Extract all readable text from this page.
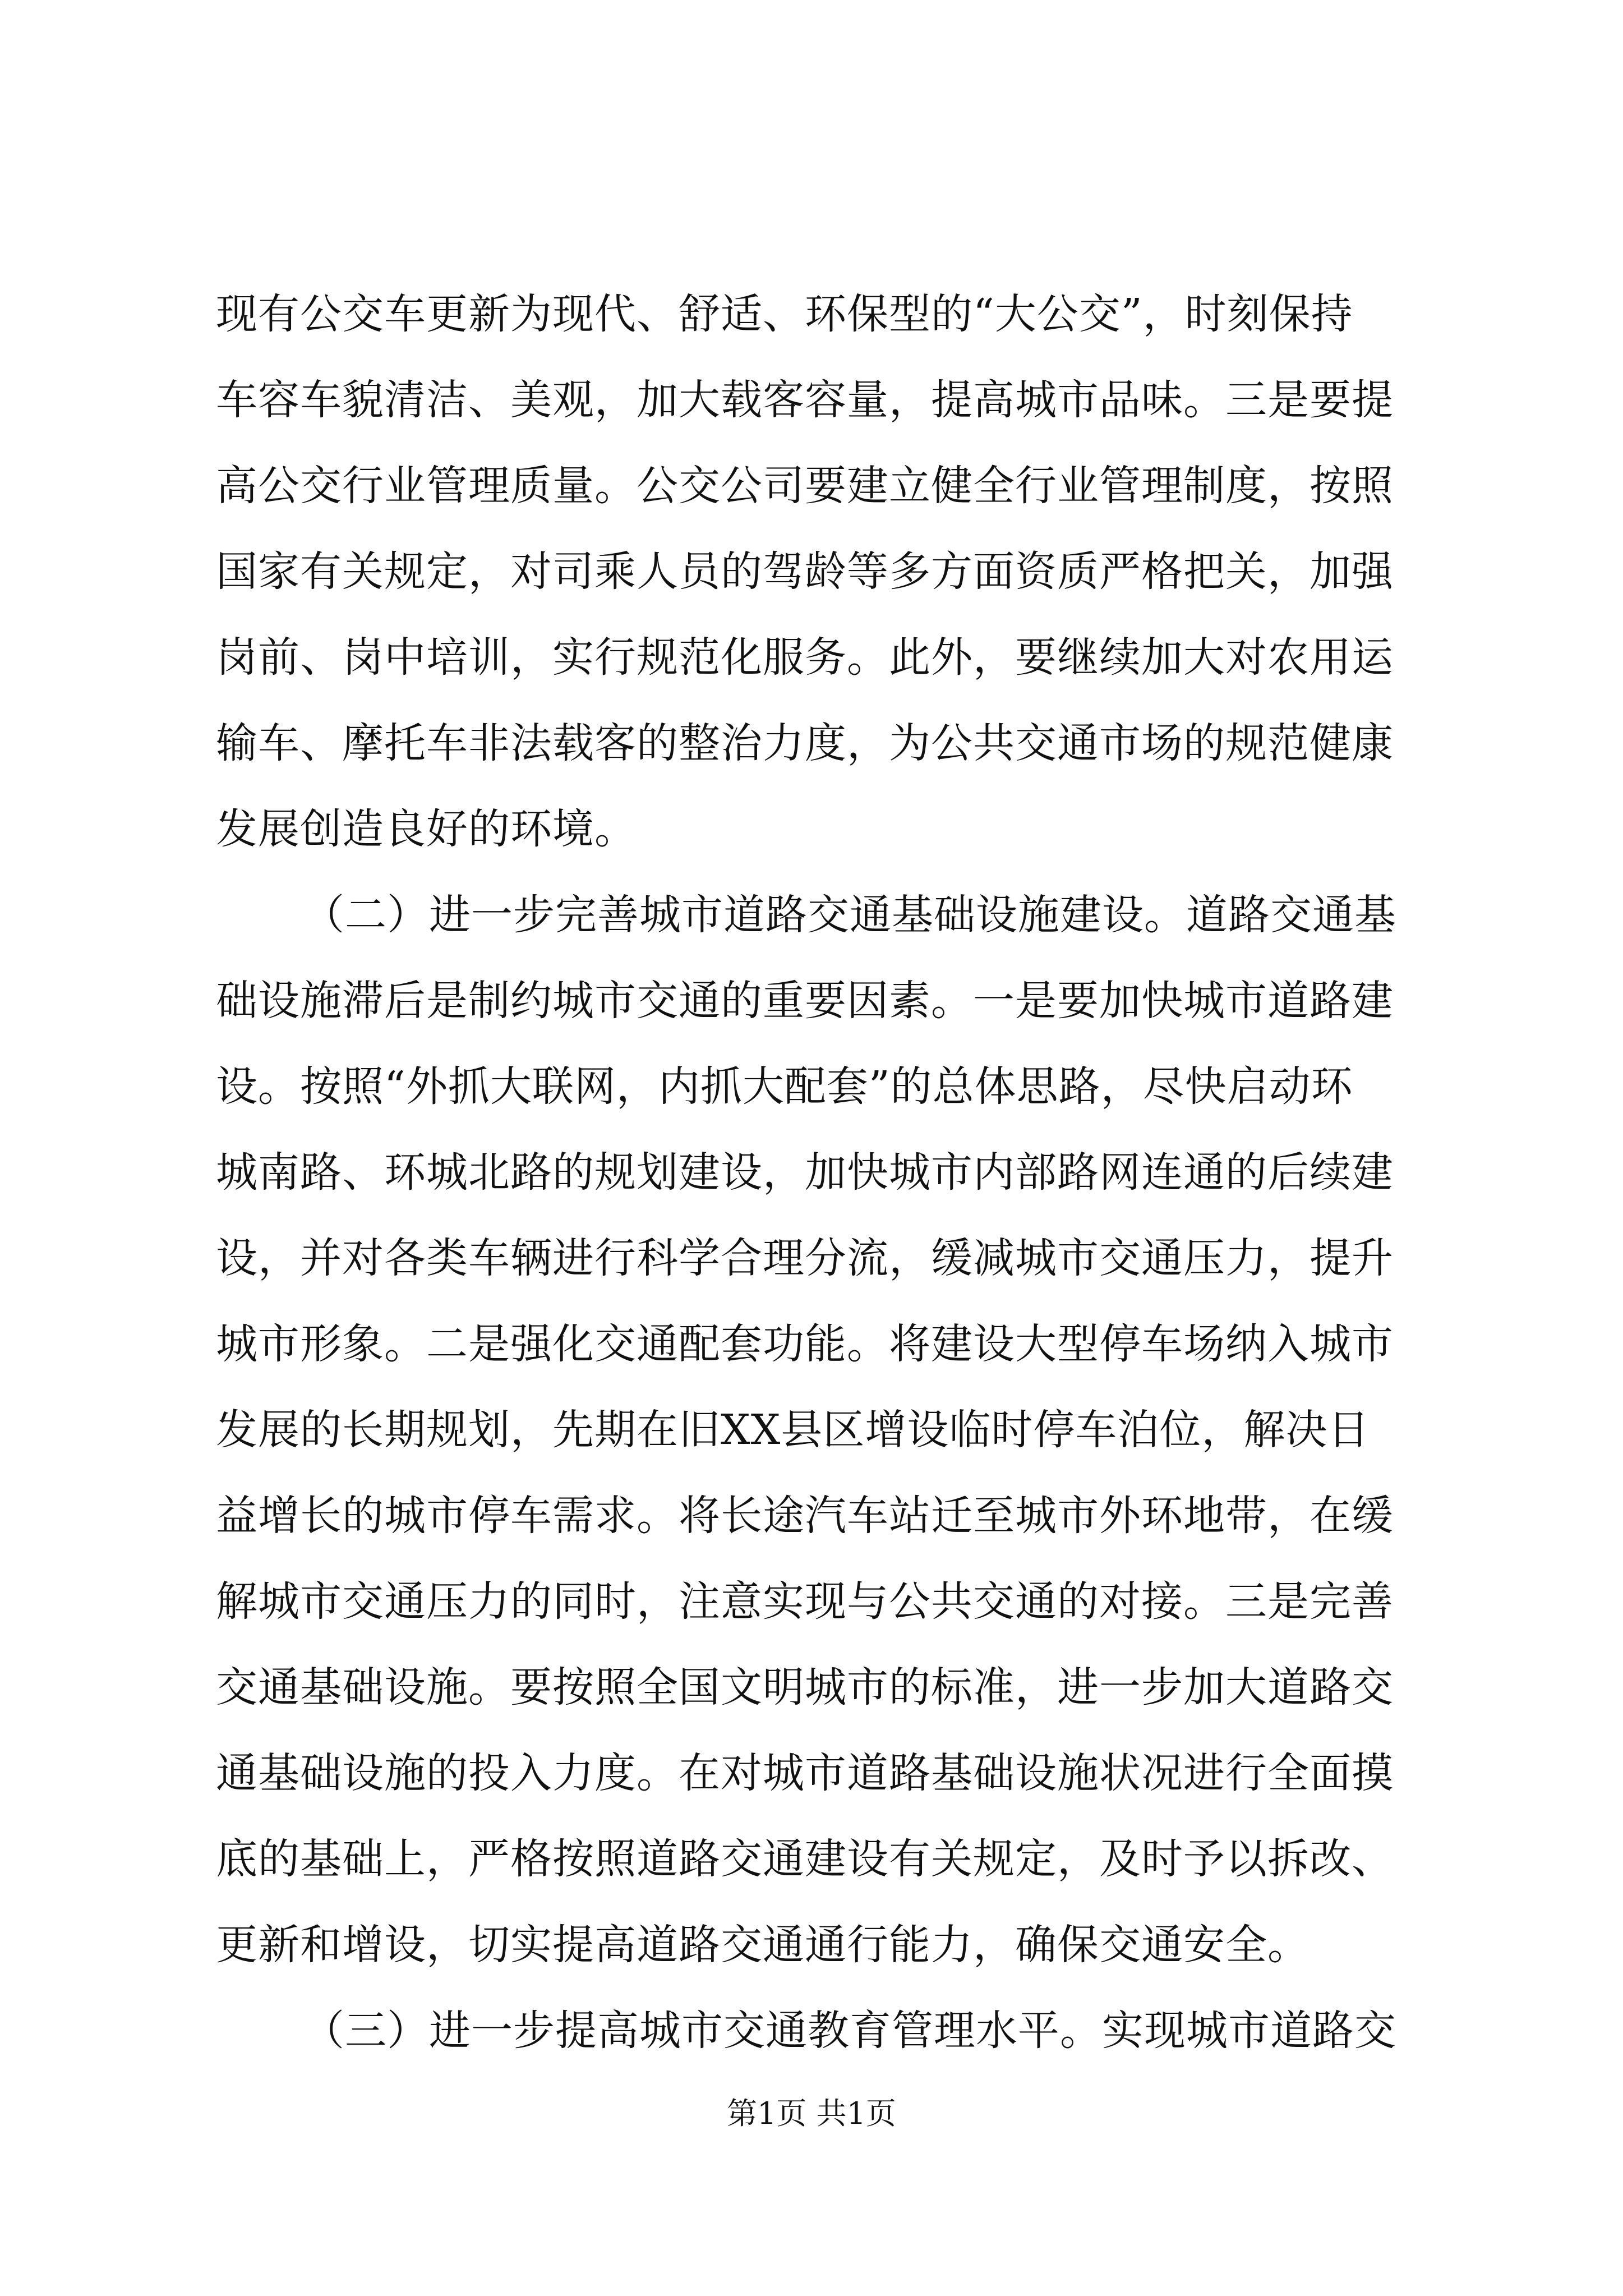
现有公交车更新为现代、舒适、环保型的“大公交”，时刻保持
车容车貌清洁、美观，加大载客容量，提高城市品味。三是要提
高公交行业管理质量。公交公司要建立健全行业管理制度，按照
国家有关规定，对司乘人员的驾龄等多方面资质严格把关，加强
岗前、岗中培训，实行规范化服务。此外，要继续加大对农用运
输车、摩托车非法载客的整治力度，为公共交通市场的规范健康
发展创造良好的环境。
（二）进一步完善城市道路交通基础设施建设。道路交通基
础设施滞后是制约城市交通的重要因素。一是要加快城市道路建
设。按照“外抓大联网，内抓大配套”的总体思路，尽快启动环
城南路、环城北路的规划建设，加快城市内部路网连通的后续建
设，并对各类车辆进行科学合理分流，缓减城市交通压力，提升
城市形象。二是强化交通配套功能。将建设大型停车场纳入城市
发展的长期规划，先期在旧XX县区增设临时停车泊位，解决日
益增长的城市停车需求。将长途汽车站迁至城市外环地带，在缓
解城市交通压力的同时，注意实现与公共交通的对接。三是完善
交通基础设施。要按照全国文明城市的标准，进一步加大道路交
通基础设施的投入力度。在对城市道路基础设施状况进行全面摸
底的基础上，严格按照道路交通建设有关规定，及时予以拆改、
更新和增设，切实提高道路交通通行能力，确保交通安全。
（三）进一步提高城市交通教育管理水平。实现城市道路交
第1页 共1页
